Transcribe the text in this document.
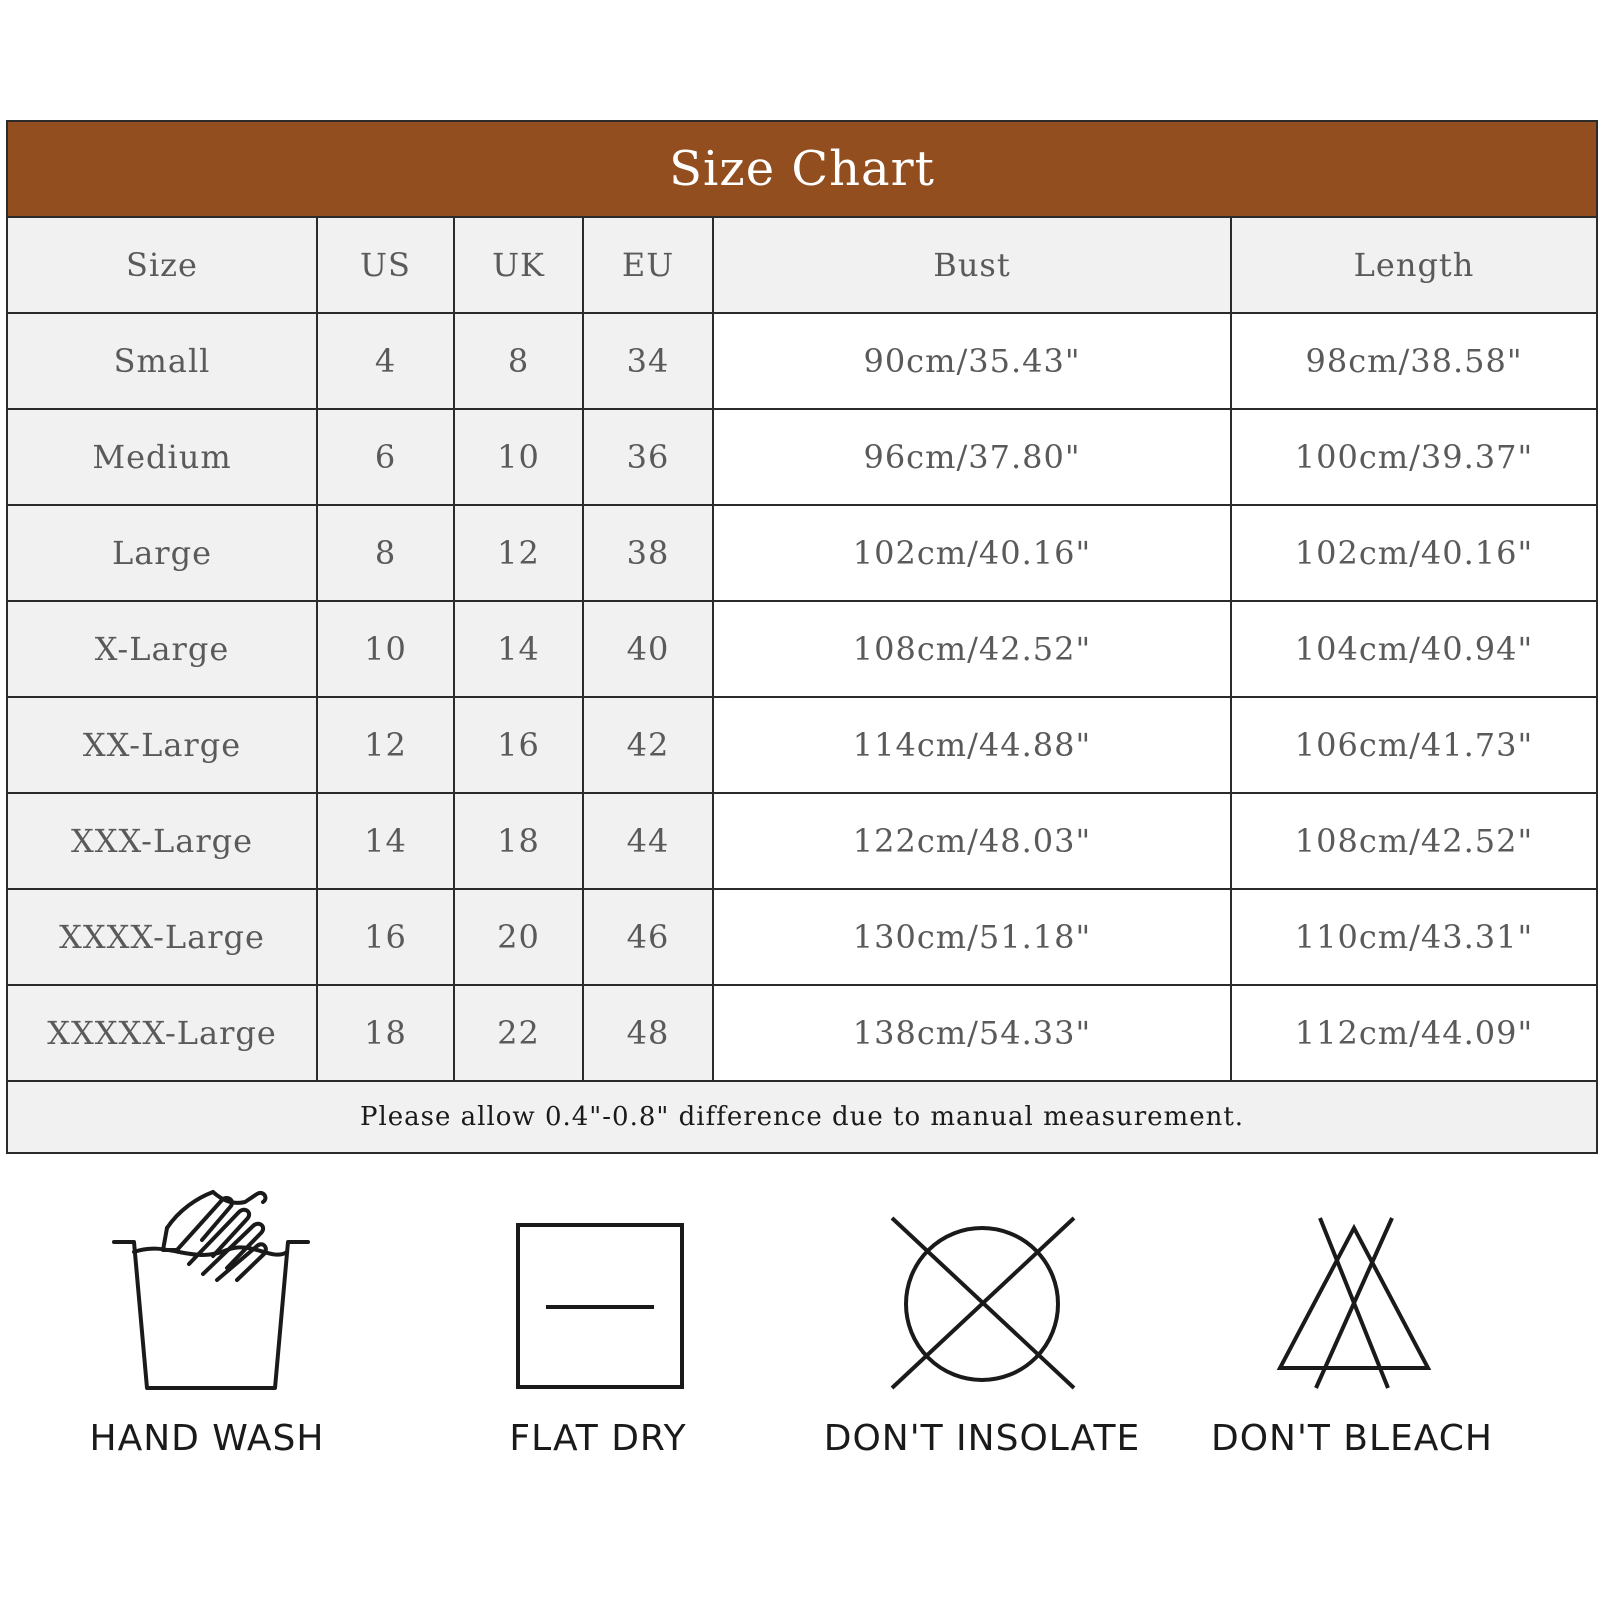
Size Chart					
Size	US	UK	EU	Bust	Length
Small	4	8	34	90cm/35.43"	98cm/38.58"
Medium	6	10	36	96cm/37.80"	100cm/39.37"
Large	8	12	38	102cm/40.16"	102cm/40.16"
X-Large	10	14	40	108cm/42.52"	104cm/40.94"
XX-Large	12	16	42	114cm/44.88"	106cm/41.73"
XXX-Large	14	18	44	122cm/48.03"	108cm/42.52"
XXXX-Large	16	20	46	130cm/51.18"	110cm/43.31"
XXXXX-Large	18	22	48	138cm/54.33"	112cm/44.09"
Please allow 0.4"-0.8" difference due to manual measurement.					
HAND WASH	FLAT DRY	DON'T INSOLATE	DON'T BLEACH
